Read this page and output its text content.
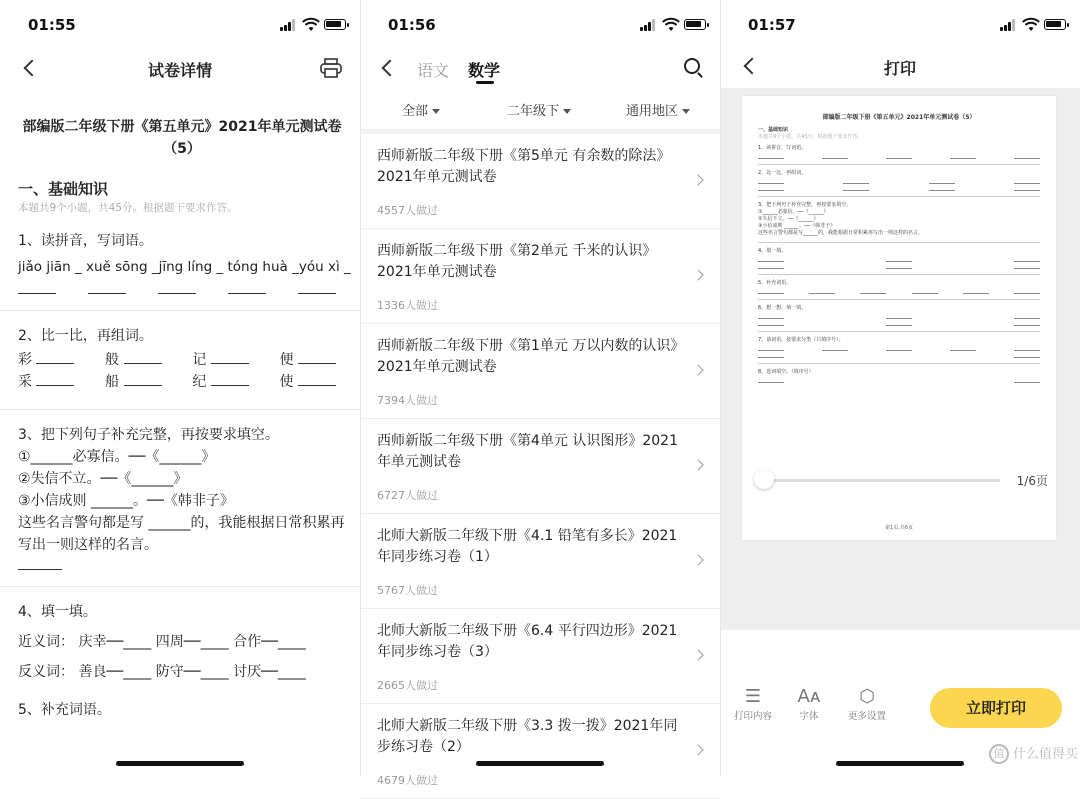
01:55
试卷详情
部编版二年级下册《第五单元》2021年单元测试卷（5）
一、基础知识
本题共9个小题，共45分。根据题干要求作答。
1、读拼音，写词语。
jiǎo jiān _ xuě sōng _jīng líng _ tóng huà _yóu xì _
2、比一比，再组词。
彩	般	记	便
采	船	纪	使
3、把下列句子补充完整，再按要求填空。
①______必寡信。──《______》
②失信不立。──《______》
③小信成则 ______。──《韩非子》
这些名言警句都是写 ______的，我能根据日常积累再写出一则这样的名言。
4、填一填。
近义词： 庆幸──____ 四周──____ 合作──____
反义词： 善良──____ 防守──____ 讨厌──____
5、补充词语。
01:56
语文 数学
全部	二年级下	通用地区
西师新版二年级下册《第5单元 有余数的除法》2021年单元测试卷
4557人做过
西师新版二年级下册《第2单元 千米的认识》2021年单元测试卷
1336人做过
西师新版二年级下册《第1单元 万以内数的认识》2021年单元测试卷
7394人做过
西师新版二年级下册《第4单元 认识图形》2021年单元测试卷
6727人做过
北师大新版二年级下册《4.1 铅笔有多长》2021年同步练习卷（1）
5767人做过
北师大新版二年级下册《6.4 平行四边形》2021年同步练习卷（3）
2665人做过
北师大新版二年级下册《3.3 拨一拨》2021年同步练习卷（2）
4679人做过
01:57
打印
部编版二年级下册《第五单元》2021年单元测试卷（5）
一、基础知识
本题共9个小题，共45分。根据题干要求作答。
1、读拼音，写词语。
2、比一比，再组词。
3、把下列句子补充完整，再按要求填空。
①______必寡信。──《______》
②失信不立。──《______》
③小信成则 ______。──《韩非子》
这些名言警句都是写______的，我能根据日常积累再写出一则这样的名言。
4、填一填。
5、补充词语。
6、想一想，填一填。
7、请词语，按要求分类（只填序号）。
8、选词填空。（填序号）
第1页,共6页
1/6页
☰
打印内容
Aᴀ
字体
⬡
更多设置	立即打印
值 什么值得买
